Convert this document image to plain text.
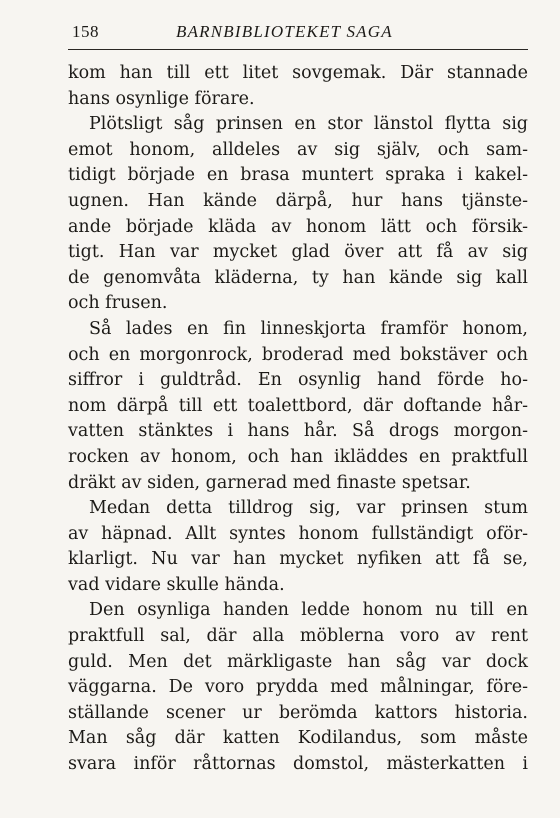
158	BARNBIBLIOTEKET SAGA
kom han till ett litet sovgemak. Där stannade
hans osynlige förare.
Plötsligt såg prinsen en stor länstol flytta sig
emot honom, alldeles av sig själv, och sam-
tidigt började en brasa muntert spraka i kakel-
ugnen. Han kände därpå, hur hans tjänste-
ande började kläda av honom lätt och försik-
tigt. Han var mycket glad över att få av sig
de genomvåta kläderna, ty han kände sig kall
och frusen.
Så lades en fin linneskjorta framför honom,
och en morgonrock, broderad med bokstäver och
siffror i guldtråd. En osynlig hand förde ho-
nom därpå till ett toalettbord, där doftande hår-
vatten stänktes i hans hår. Så drogs morgon-
rocken av honom, och han ikläddes en praktfull
dräkt av siden, garnerad med finaste spetsar.
Medan detta tilldrog sig, var prinsen stum
av häpnad. Allt syntes honom fullständigt oför-
klarligt. Nu var han mycket nyfiken att få se,
vad vidare skulle hända.
Den osynliga handen ledde honom nu till en
praktfull sal, där alla möblerna voro av rent
guld. Men det märkligaste han såg var dock
väggarna. De voro prydda med målningar, före-
ställande scener ur berömda kattors historia.
Man såg där katten Kodilandus, som måste
svara inför råttornas domstol, mästerkatten i
